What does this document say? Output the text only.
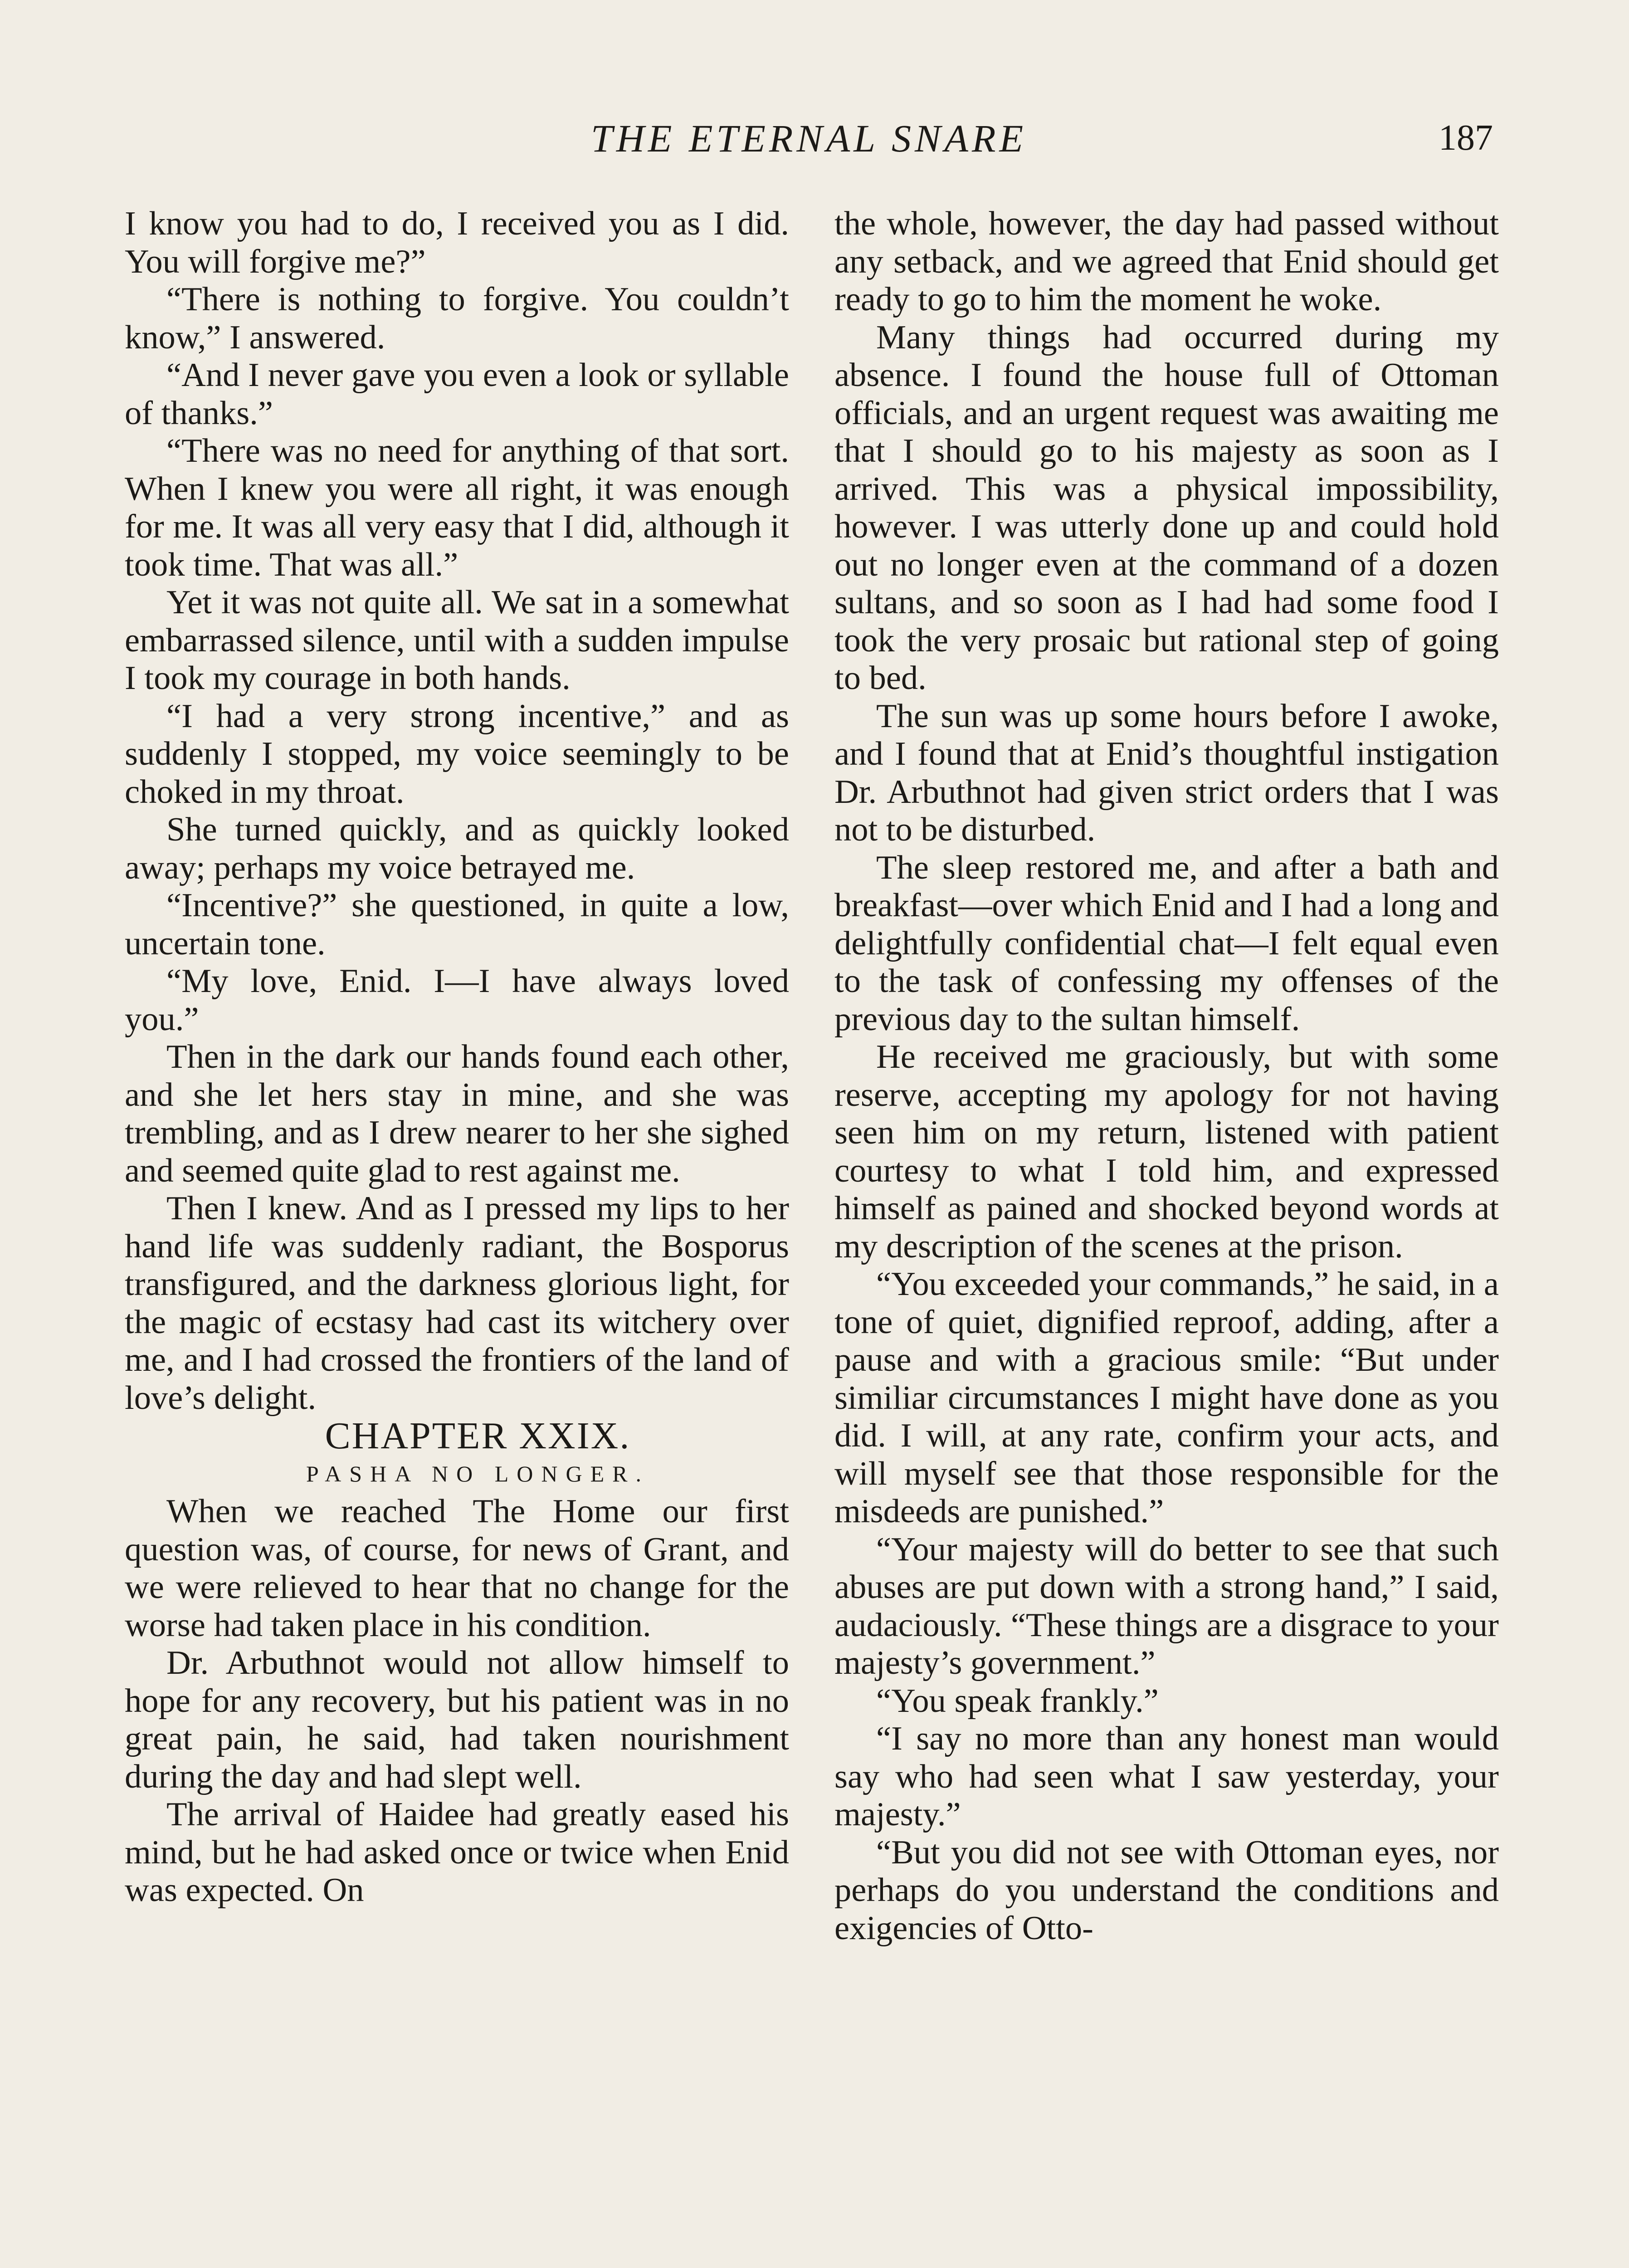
THE ETERNAL SNARE	187

I know you had to do, I received you as I did. You will forgive me?”

“There is nothing to forgive. You couldn’t know,” I answered.

“And I never gave you even a look or syllable of thanks.”

“There was no need for anything of that sort. When I knew you were all right, it was enough for me. It was all very easy that I did, although it took time. That was all.”

Yet it was not quite all. We sat in a somewhat embarrassed silence, until with a sudden impulse I took my courage in both hands.

“I had a very strong incentive,” and as suddenly I stopped, my voice seemingly to be choked in my throat.

She turned quickly, and as quickly looked away; perhaps my voice betrayed me.

“Incentive?” she questioned, in quite a low, uncertain tone.

“My love, Enid. I—I have always loved you.”

Then in the dark our hands found each other, and she let hers stay in mine, and she was trembling, and as I drew nearer to her she sighed and seemed quite glad to rest against me.

Then I knew. And as I pressed my lips to her hand life was suddenly radiant, the Bosporus transfigured, and the darkness glorious light, for the magic of ecstasy had cast its witchery over me, and I had crossed the frontiers of the land of love’s delight.

CHAPTER XXIX.

PASHA NO LONGER.

When we reached The Home our first question was, of course, for news of Grant, and we were relieved to hear that no change for the worse had taken place in his condition.

Dr. Arbuthnot would not allow himself to hope for any recovery, but his patient was in no great pain, he said, had taken nourishment during the day and had slept well.

The arrival of Haidee had greatly eased his mind, but he had asked once or twice when Enid was expected. On

the whole, however, the day had passed without any setback, and we agreed that Enid should get ready to go to him the moment he woke.

Many things had occurred during my absence. I found the house full of Ottoman officials, and an urgent request was awaiting me that I should go to his majesty as soon as I arrived. This was a physical impossibility, however. I was utterly done up and could hold out no longer even at the command of a dozen sultans, and so soon as I had had some food I took the very prosaic but rational step of going to bed.

The sun was up some hours before I awoke, and I found that at Enid’s thoughtful instigation Dr. Arbuthnot had given strict orders that I was not to be disturbed.

The sleep restored me, and after a bath and breakfast—over which Enid and I had a long and delightfully confidential chat—I felt equal even to the task of confessing my offenses of the previous day to the sultan himself.

He received me graciously, but with some reserve, accepting my apology for not having seen him on my return, listened with patient courtesy to what I told him, and expressed himself as pained and shocked beyond words at my description of the scenes at the prison.

“You exceeded your commands,” he said, in a tone of quiet, dignified reproof, adding, after a pause and with a gracious smile: “But under similiar circumstances I might have done as you did. I will, at any rate, confirm your acts, and will myself see that those responsible for the misdeeds are punished.”

“Your majesty will do better to see that such abuses are put down with a strong hand,” I said, audaciously. “These things are a disgrace to your majesty’s government.”

“You speak frankly.”

“I say no more than any honest man would say who had seen what I saw yesterday, your majesty.”

“But you did not see with Ottoman eyes, nor perhaps do you understand the conditions and exigencies of Otto-
